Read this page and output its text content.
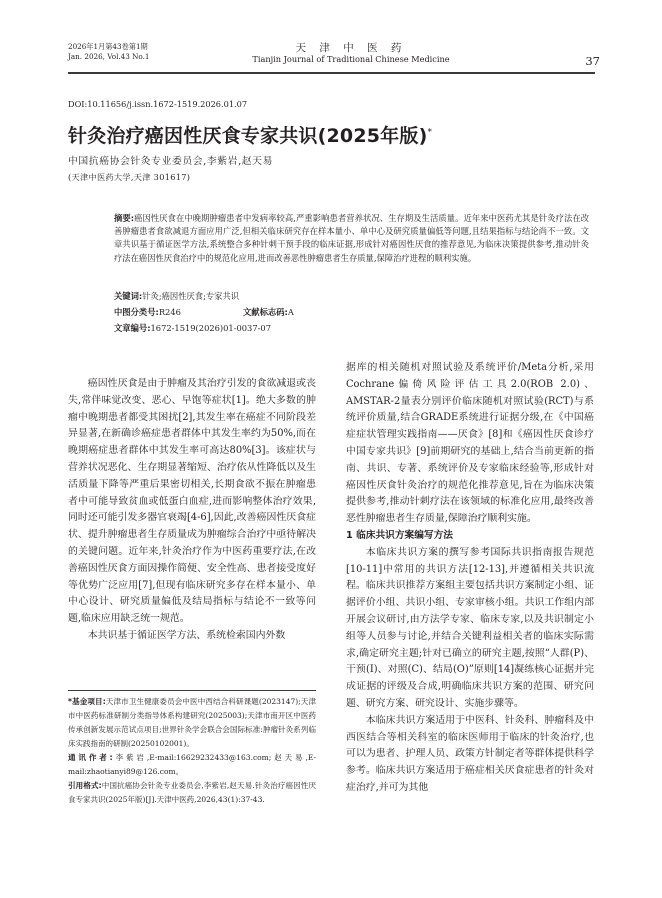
2026年1月第43卷第1期
Jan. 2026, Vol.43 No.1
天 津 中 医 药
Tianjin Journal of Traditional Chinese Medicine	37
DOI:10.11656/j.issn.1672-1519.2026.01.07
针灸治疗癌因性厌食专家共识(2025年版)*
中国抗癌协会针灸专业委员会,李紫岩,赵天易
(天津中医药大学,天津 301617)
摘要:癌因性厌食在中晚期肿瘤患者中发病率较高,严重影响患者营养状况、生存期及生活质量。近年来中医药尤其是针灸疗法在改善肿瘤患者食欲减退方面应用广泛,但相关临床研究存在样本量小、单中心及研究质量偏低等问题,且结果指标与结论尚不一致。文章共识基于循证医学方法,系统整合多种针刺干预手段的临床证据,形成针对癌因性厌食的推荐意见,为临床决策提供参考,推动针灸疗法在癌因性厌食治疗中的规范化应用,进而改善恶性肿瘤患者生存质量,保障治疗进程的顺利实施。
关键词:针灸;癌因性厌食;专家共识
中图分类号:R246	文献标志码:A
文章编号:1672-1519(2026)01-0037-07

癌因性厌食是由于肿瘤及其治疗引发的食欲减退或丧失,常伴味觉改变、恶心、早饱等症状[1]。绝大多数的肿瘤中晚期患者都受其困扰[2],其发生率在癌症不同阶段差异显著,在新确诊癌症患者群体中其发生率约为50%,而在晚期癌症患者群体中其发生率可高达80%[3]。该症状与营养状况恶化、生存期显著缩短、治疗依从性降低以及生活质量下降等严重后果密切相关,长期食欲不振在肿瘤患者中可能导致贫血或低蛋白血症,进而影响整体治疗效果,同时还可能引发多器官衰竭[4-6],因此,改善癌因性厌食症状、提升肿瘤患者生存质量成为肿瘤综合治疗中亟待解决的关键问题。近年来,针灸治疗作为中医药重要疗法,在改善癌因性厌食方面因操作简便、安全性高、患者接受度好等优势广泛应用[7],但现有临床研究多存在样本量小、单中心设计、研究质量偏低及结局指标与结论不一致等问题,临床应用缺乏统一规范。

本共识基于循证医学方法、系统检索国内外数

*基金项目:天津市卫生健康委员会中医中西结合科研课题(2023147);天津市中医药标准研制分类指导体系构建研究(2025003);天津市南开区中医药传承创新发展示范试点项目;世界针灸学会联合会国际标准:肿瘤针灸系列临床实践指南的研制(20250102001)。

通讯作者:李紫岩,E-mail:16629232433@163.com;赵天易,E-mail:zhaotianyi89@126.com。

引用格式:中国抗癌协会针灸专业委员会,李紫岩,赵天易.针灸治疗癌因性厌食专家共识(2025年版)[J].天津中医药,2026,43(1):37-43.

据库的相关随机对照试验及系统评价/Meta分析,采用Cochrane偏倚风险评估工具2.0(ROB 2.0)、AMSTAR-2量表分别评价临床随机对照试验(RCT)与系统评价质量,结合GRADE系统进行证据分级,在《中国癌症症状管理实践指南——厌食》[8]和《癌因性厌食诊疗中国专家共识》[9]前期研究的基础上,结合当前更新的指南、共识、专著、系统评价及专家临床经验等,形成针对癌因性厌食针灸治疗的规范化推荐意见,旨在为临床决策提供参考,推动针刺疗法在该领域的标准化应用,最终改善恶性肿瘤患者生存质量,保障治疗顺利实施。

1 临床共识方案编写方法

本临床共识方案的撰写参考国际共识指南报告规范[10-11]中常用的共识方法[12-13],并遵循相关共识流程。临床共识推荐方案组主要包括共识方案制定小组、证据评价小组、共识小组、专家审核小组。共识工作组内部开展会议研讨,由方法学专家、临床专家,以及共识制定小组等人员参与讨论,并结合关键利益相关者的临床实际需求,确定研究主题;针对已确立的研究主题,按照“人群(P)、干预(I)、对照(C)、结局(O)”原则[14]凝练核心证据并完成证据的评级及合成,明确临床共识方案的范围、研究问题、研究方案、研究设计、实施步骤等。

本临床共识方案适用于中医科、针灸科、肿瘤科及中西医结合等相关科室的临床医师用于临床的针灸治疗,也可以为患者、护理人员、政策方针制定者等群体提供科学参考。临床共识方案适用于癌症相关厌食症患者的针灸对症治疗,并可为其他
